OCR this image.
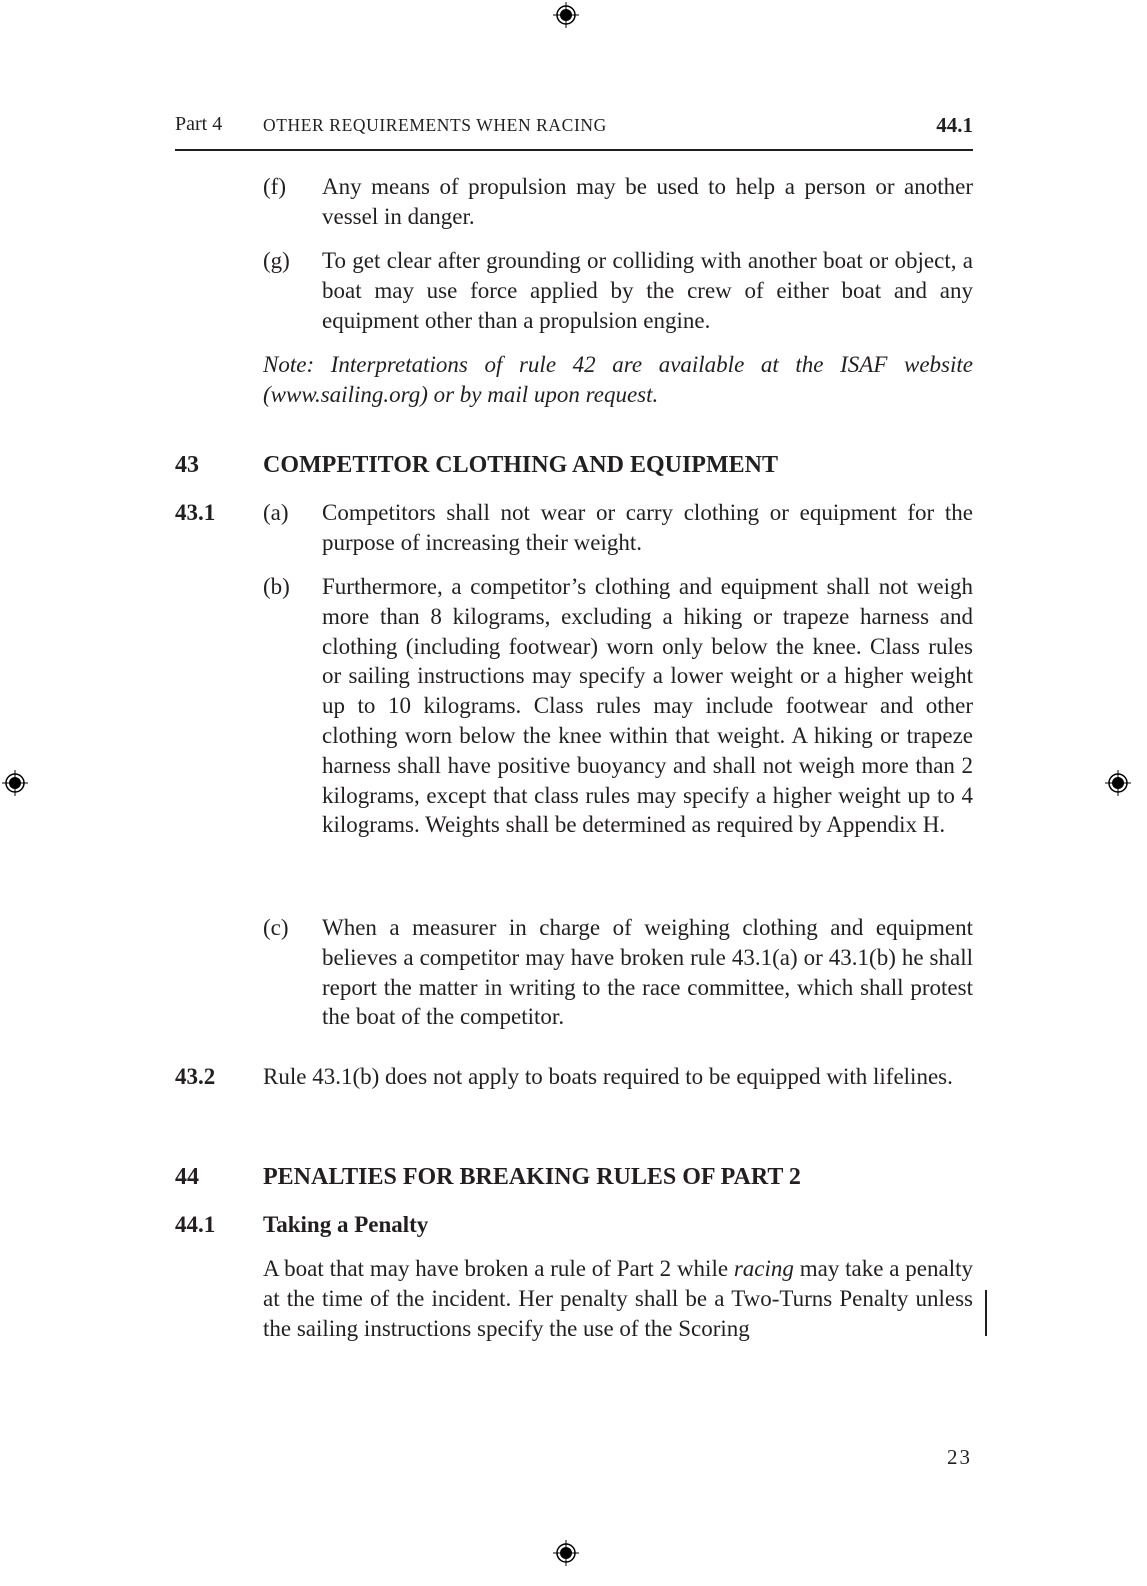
Part 4 OTHER REQUIREMENTS WHEN RACING	44.1
(f) Any means of propulsion may be used to help a person or another vessel in danger.
(g) To get clear after grounding or colliding with another boat or object, a boat may use force applied by the crew of either boat and any equipment other than a propulsion engine.
Note: Interpretations of rule 42 are available at the ISAF website (www.sailing.org) or by mail upon request.
43	COMPETITOR CLOTHING AND EQUIPMENT
43.1 (a) Competitors shall not wear or carry clothing or equipment for the purpose of increasing their weight.
(b) Furthermore, a competitor’s clothing and equipment shall not weigh more than 8 kilograms, excluding a hiking or trapeze harness and clothing (including footwear) worn only below the knee. Class rules or sailing instructions may specify a lower weight or a higher weight up to 10 kilograms. Class rules may include footwear and other clothing worn below the knee within that weight. A hiking or trapeze harness shall have positive buoyancy and shall not weigh more than 2 kilograms, except that class rules may specify a higher weight up to 4 kilograms. Weights shall be determined as required by Appendix H.
(c) When a measurer in charge of weighing clothing and equipment believes a competitor may have broken rule 43.1(a) or 43.1(b) he shall report the matter in writing to the race committee, which shall protest the boat of the competitor.
43.2 Rule 43.1(b) does not apply to boats required to be equipped with lifelines.
44	PENALTIES FOR BREAKING RULES OF PART 2
44.1 Taking a Penalty
A boat that may have broken a rule of Part 2 while racing may take a penalty at the time of the incident. Her penalty shall be a Two-Turns Penalty unless the sailing instructions specify the use of the Scoring
23
